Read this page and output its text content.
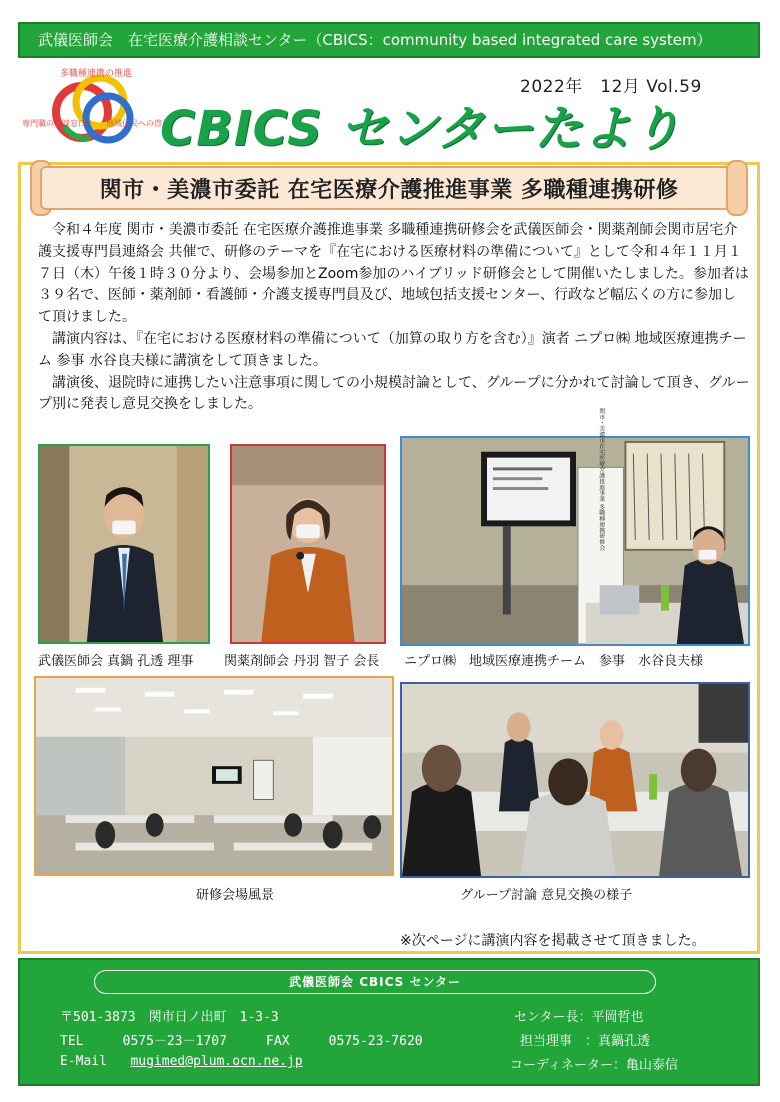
武儀医師会　在宅医療介護相談センター（CBICS：community based integrated care system）
多職種連携の推進
専門職の相談窓口	地域住民への啓発
2022年　12月 Vol.59
CBICS センターたより
関市・美濃市委託 在宅医療介護推進事業 多職種連携研修

令和４年度 関市・美濃市委託 在宅医療介護推進事業 多職種連携研修会を武儀医師会・関薬剤師会関市居宅介護支援専門員連絡会 共催で、研修のテーマを『在宅における医療材料の準備について』として令和４年１１月１７日（木）午後１時３０分より、会場参加とZoom参加のハイブリッド研修会として開催いたしました。参加者は３９名で、医師・薬剤師・看護師・介護支援専門員及び、地域包括支援センター、行政など幅広くの方に参加して頂けました。

講演内容は、『在宅における医療材料の準備について（加算の取り方を含む）』演者 ニプロ㈱ 地域医療連携チーム 参事 水谷良夫様に講演をして頂きました。

講演後、退院時に連携したい注意事項に関しての小規模討論として、グループに分かれて討論して頂き、グループ別に発表し意見交換をしました。

関市・美濃市在宅医療介護推進事業 多職種連携研修会
武儀医師会 真鍋 孔透 理事 関薬剤師会 丹羽 智子 会長 ニプロ㈱　地域医療連携チーム　参事　水谷良夫様
研修会場風景	グループ討論 意見交換の様子
※次ページに講演内容を掲載させて頂きました。
武儀医師会 CBICS センター
〒501-3873　関市日ノ出町　1-3-3
TEL	0575－23－1707	FAX	0575-23-7620
E-Mail mugimed@plum.ocn.ne.jp
センター長：平岡哲也
担当理事　：真鍋孔透
コーディネーター：亀山泰信
